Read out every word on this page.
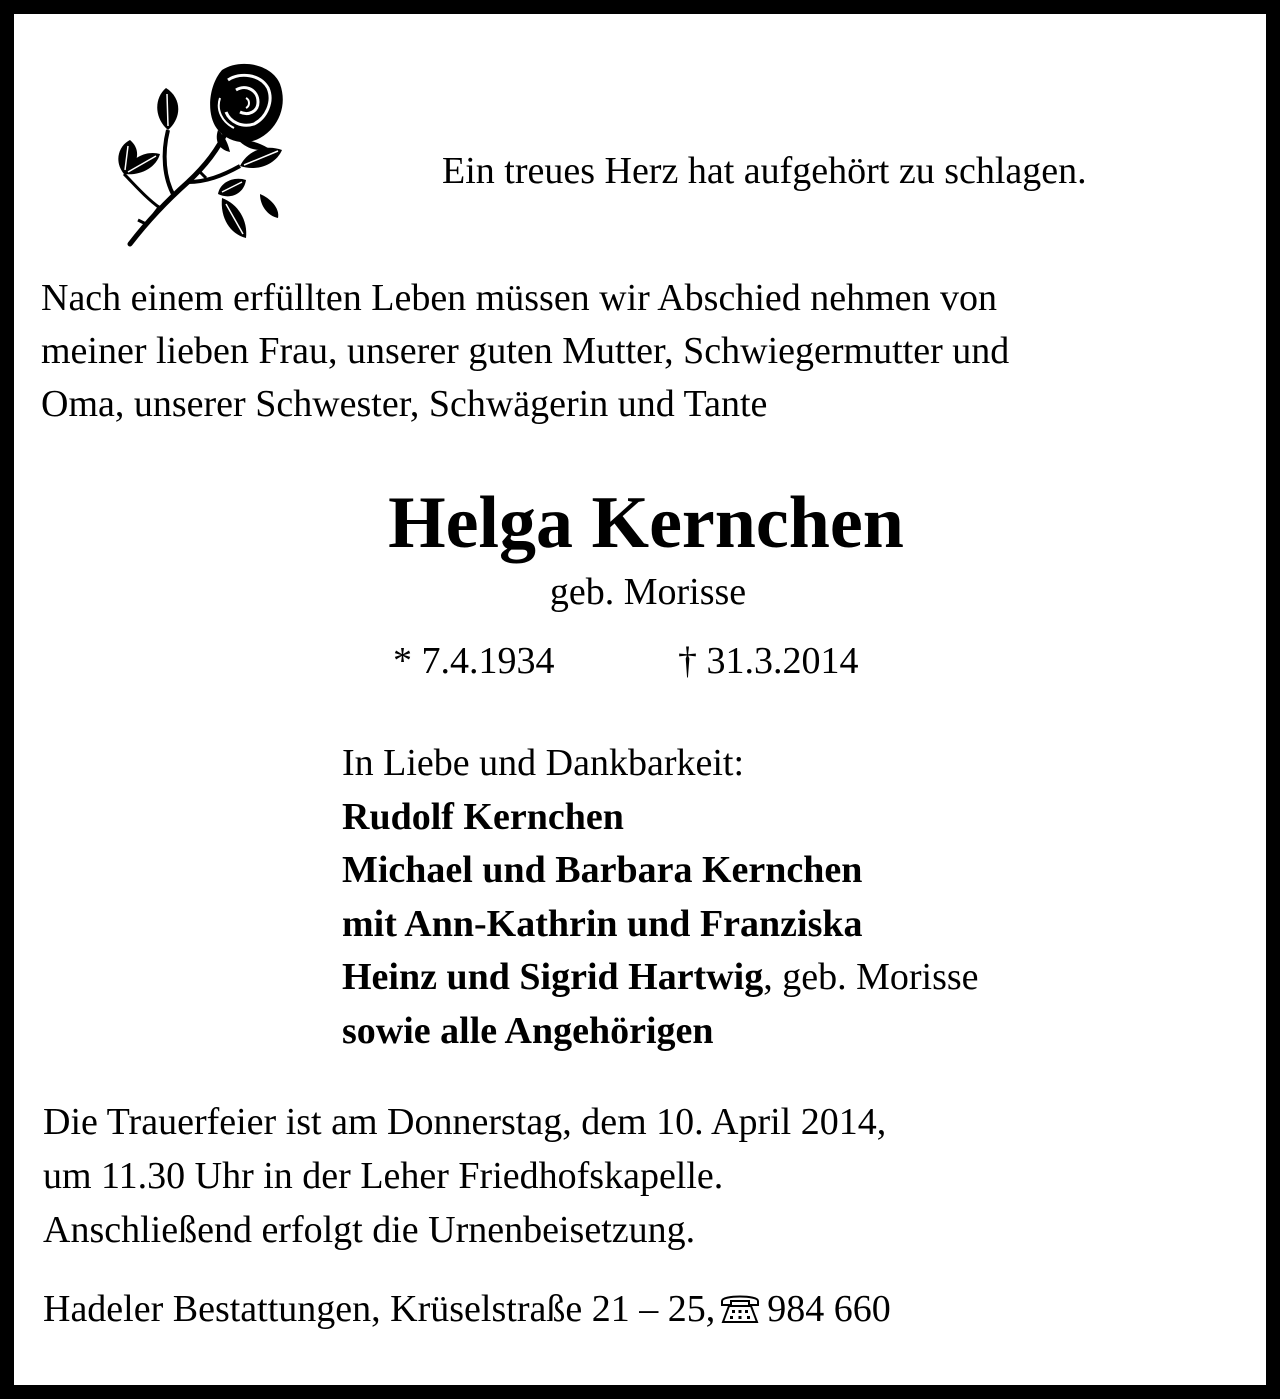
Ein treues Herz hat aufgehört zu schlagen.
Nach einem erfüllten Leben müssen wir Abschied nehmen von
meiner lieben Frau, unserer guten Mutter, Schwiegermutter und
Oma, unserer Schwester, Schwägerin und Tante
Helga Kernchen
geb. Morisse
* 7.4.1934	† 31.3.2014
In Liebe und Dankbarkeit:
Rudolf Kernchen
Michael und Barbara Kernchen
mit Ann-Kathrin und Franziska
Heinz und Sigrid Hartwig, geb. Morisse
sowie alle Angehörigen
Die Trauerfeier ist am Donnerstag, dem 10. April 2014,
um 11.30 Uhr in der Leher Friedhofskapelle.
Anschließend erfolgt die Urnenbeisetzung.
Hadeler Bestattungen, Krüselstraße 21 – 25, 984 660
